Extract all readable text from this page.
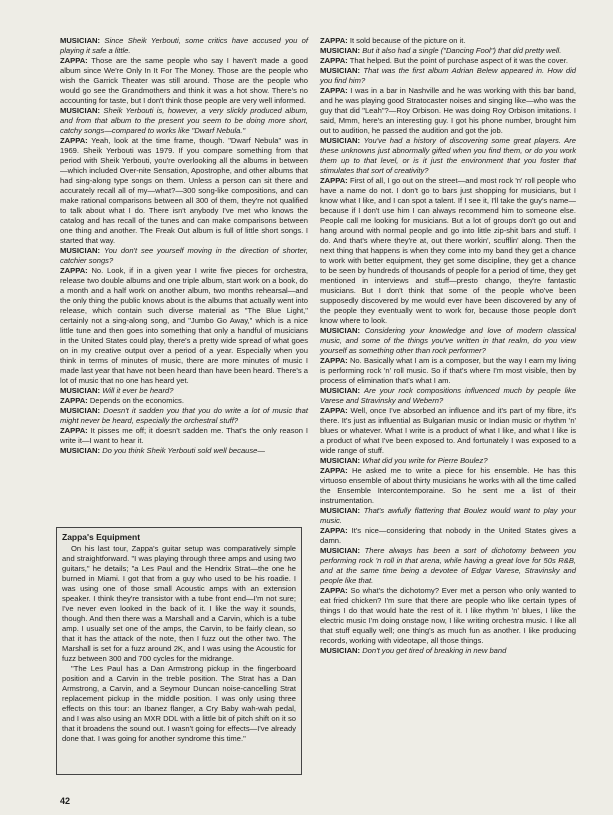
MUSICIAN: Since Sheik Yerbouti, some critics have accused you of playing it safe a little.

ZAPPA: Those are the same people who say I haven't made a good album since We're Only In It For The Money. Those are the people who wish the Garrick Theater was still around. Those are the people who would go see the Grandmothers and think it was a hot show. There's no accounting for taste, but I don't think those people are very well informed.

MUSICIAN: Sheik Yerbouti is, however, a very slickly produced album, and from that album to the present you seem to be doing more short, catchy songs—compared to works like "Dwarf Nebula."

ZAPPA: Yeah, look at the time frame, though. "Dwarf Nebula" was in 1969. Sheik Yerbouti was 1979. If you compare something from that period with Sheik Yerbouti, you're overlooking all the albums in between—which included Over-nite Sensation, Apostrophe, and other albums that had sing-along type songs on them. Unless a person can sit there and accurately recall all of my—what?—300 song-like compositions, and can make rational comparisons between all 300 of them, they're not qualified to talk about what I do. There isn't anybody I've met who knows the catalog and has recall of the tunes and can make comparisons between one thing and another. The Freak Out album is full of little short songs. I started that way.

MUSICIAN: You don't see yourself moving in the direction of shorter, catchier songs?

ZAPPA: No. Look, if in a given year I write five pieces for orchestra, release two double albums and one triple album, start work on a book, do a month and a half work on another album, two months rehearsal—and the only thing the public knows about is the albums that actually went into release, which contain such diverse material as "The Blue Light," certainly not a sing-along song, and "Jumbo Go Away," which is a nice little tune and then goes into something that only a handful of musicians in the United States could play, there's a pretty wide spread of what goes on in my creative output over a period of a year. Especially when you think in terms of minutes of music, there are more minutes of music I made last year that have not been heard than have been heard. There's a lot of music that no one has heard yet.

MUSICIAN: Will it ever be heard?

ZAPPA: Depends on the economics.

MUSICIAN: Doesn't it sadden you that you do write a lot of music that might never be heard, especially the orchestral stuff?

ZAPPA: It pisses me off; it doesn't sadden me. That's the only reason I write it—I want to hear it.

MUSICIAN: Do you think Sheik Yerbouti sold well because—

Zappa's Equipment
On his last tour, Zappa's guitar setup was comparatively simple and straightforward. "I was playing through three amps and using two guitars," he details; "a Les Paul and the Hendrix Strat—the one he burned in Miami. I got that from a guy who used to be his roadie. I was using one of those small Acoustic amps with an extension speaker. I think they're transistor with a tube front end—I'm not sure; I've never even looked in the back of it. I like the way it sounds, though. And then there was a Marshall and a Carvin, which is a tube amp. I usually set one of the amps, the Carvin, to be fairly clean, so that it has the attack of the note, then I fuzz out the other two. The Marshall is set for a fuzz around 2K, and I was using the Acoustic for fuzz between 300 and 700 cycles for the midrange.
"The Les Paul has a Dan Armstrong pickup in the fingerboard position and a Carvin in the treble position. The Strat has a Dan Armstrong, a Carvin, and a Seymour Duncan noise-cancelling Strat replacement pickup in the middle position. I was only using three effects on this tour: an Ibanez flanger, a Cry Baby wah-wah pedal, and I was also using an MXR DDL with a little bit of pitch shift on it so that it broadens the sound out. I wasn't going for effects—I've already done that. I was going for another syndrome this time."

ZAPPA: It sold because of the picture on it.

MUSICIAN: But it also had a single ("Dancing Fool") that did pretty well.

ZAPPA: That helped. But the point of purchase aspect of it was the cover.

MUSICIAN: That was the first album Adrian Belew appeared in. How did you find him?

ZAPPA: I was in a bar in Nashville and he was working with this bar band, and he was playing good Stratocaster noises and singing like—who was the guy that did "Leah"?—Roy Orbison. He was doing Roy Orbison imitations. I said, Mmm, here's an interesting guy. I got his phone number, brought him out to audition, he passed the audition and got the job.

MUSICIAN: You've had a history of discovering some great players. Are these unknowns just abnormally gifted when you find them, or do you work them up to that level, or is it just the environment that you foster that stimulates that sort of creativity?

ZAPPA: First of all, I go out on the street—and most rock 'n' roll people who have a name do not. I don't go to bars just shopping for musicians, but I know what I like, and I can spot a talent. If I see it, I'll take the guy's name—because if I don't use him I can always recommend him to someone else. People call me looking for musicians. But a lot of groups don't go out and hang around with normal people and go into little zip-shit bars and stuff. I do. And that's where they're at, out there workin', scufflin' along. Then the next thing that happens is when they come into my band they get a chance to work with better equipment, they get some discipline, they get a chance to be seen by hundreds of thousands of people for a period of time, they get mentioned in interviews and stuff—presto chango, they're fantastic musicians. But I don't think that some of the people who've been supposedly discovered by me would ever have been discovered by any of the people they eventually went to work for, because those people don't know where to look.

MUSICIAN: Considering your knowledge and love of modern classical music, and some of the things you've written in that realm, do you view yourself as something other than rock performer?

ZAPPA: No. Basically what I am is a composer, but the way I earn my living is performing rock 'n' roll music. So if that's where I'm most visible, then by process of elimination that's what I am.

MUSICIAN: Are your rock compositions influenced much by people like Varese and Stravinsky and Webern?

ZAPPA: Well, once I've absorbed an influence and it's part of my fibre, it's there. It's just as influential as Bulgarian music or Indian music or rhythm 'n' blues or whatever. What I write is a product of what I like, and what I like is a product of what I've been exposed to. And fortunately I was exposed to a wide range of stuff.

MUSICIAN: What did you write for Pierre Boulez?

ZAPPA: He asked me to write a piece for his ensemble. He has this virtuoso ensemble of about thirty musicians he works with all the time called the Ensemble Intercontemporaine. So he sent me a list of their instrumentation.

MUSICIAN: That's awfully flattering that Boulez would want to play your music.

ZAPPA: It's nice—considering that nobody in the United States gives a damn.

MUSICIAN: There always has been a sort of dichotomy between you performing rock 'n roll in that arena, while having a great love for 50s R&B, and at the same time being a devotee of Edgar Varese, Stravinsky and people like that.

ZAPPA: So what's the dichotomy? Ever met a person who only wanted to eat fried chicken? I'm sure that there are people who like certain types of things I do that would hate the rest of it. I like rhythm 'n' blues, I like the electric music I'm doing onstage now, I like writing orchestra music. I like all that stuff equally well; one thing's as much fun as another. I like producing records, working with videotape, all those things.

MUSICIAN: Don't you get tired of breaking in new band

42
